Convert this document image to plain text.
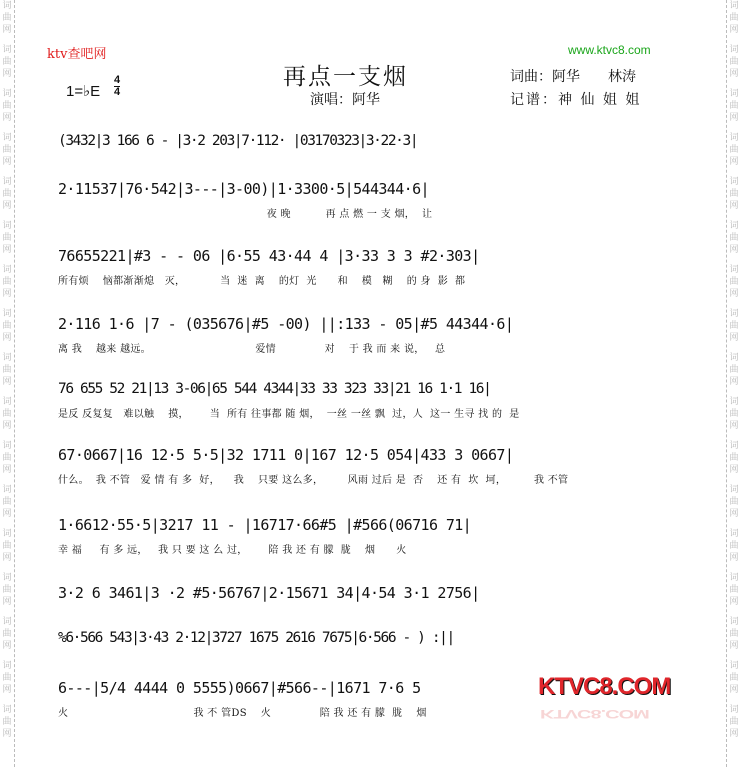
词
曲
网
词
曲
网
词
曲
网
词
曲
网
词
曲
网
词
曲
网
词
曲
网
词
曲
网
词
曲
网
词
曲
网
词
曲
网
词
曲
网
词
曲
网
词
曲
网
词
曲
网
词
曲
网
词
曲
网
词
曲
网
词
曲
网
词
曲
网
词
曲
网
词
曲
网
词
曲
网
词
曲
网
词
曲
网
词
曲
网
词
曲
网
词
曲
网
词
曲
网
词
曲
网
词
曲
网
词
曲
网
词
曲
网
词
曲
网
ktv查吧网	www.ktvc8.com
再点一支烟
演唱：阿华
词曲：阿华　　林涛
记谱：神 仙 姐 姐
1=♭E $\frac{4}{4}$
(3432|3 166 6 - |3·2 203|7·112· |03170323|3·22·3|
2·11537|76·542|3---|3-00)|1·3300·5|544344·6|
夜 晚          再 点 燃 一 支 烟，  让
76655221|#3 - - 06 |6·55 43·44 4 |3·33 3 3 #2·303|
所有烦    恼都渐渐熄   灭，          当  迷  离    的灯  光      和    模   糊    的 身  影  都
2·116 1·6 |7 - (035676|#5 -00) ||:133 - 05|#5 44344·6|
离 我    越来 越远。                              爱情              对    于 我 而 来 说，   总
76 655 52 21|13 3-06|65 544 4344|33 33 323 33|21 16 1·1 16|
是反 反复复   难以触    摸，      当  所有 往事都 随 烟，  一丝 一丝 飘  过，人  这一 生寻 找 的  是
67·0667|16 12·5 5·5|32 1711 0|167 12·5 054|433 3 0667|
什么。  我 不管   爱 情 有 多  好，    我    只要 这么多，       风雨 过后 是  否    还 有  坎  坷，        我 不管
1·6612·55·5|3217 11 - |16717·66#5 |#566(06716 71|
幸 福     有 多 远，   我 只 要 这 么 过，      陪 我 还 有 朦  胧    烟      火
3·2 6 3461|3 ·2 #5·56767|2·15671 34|4·54 3·1 2756|
%6·566 543|3·43 2·12|3727 1675 2616 7675|6·566 - ) :||
6---|5/4 4444 0 5555)0667|#566--|1671 7·6 5
火                                    我 不 管DS    火              陪 我 还 有 朦  胧    烟
KTVC8.COM
KTVC8.COM
